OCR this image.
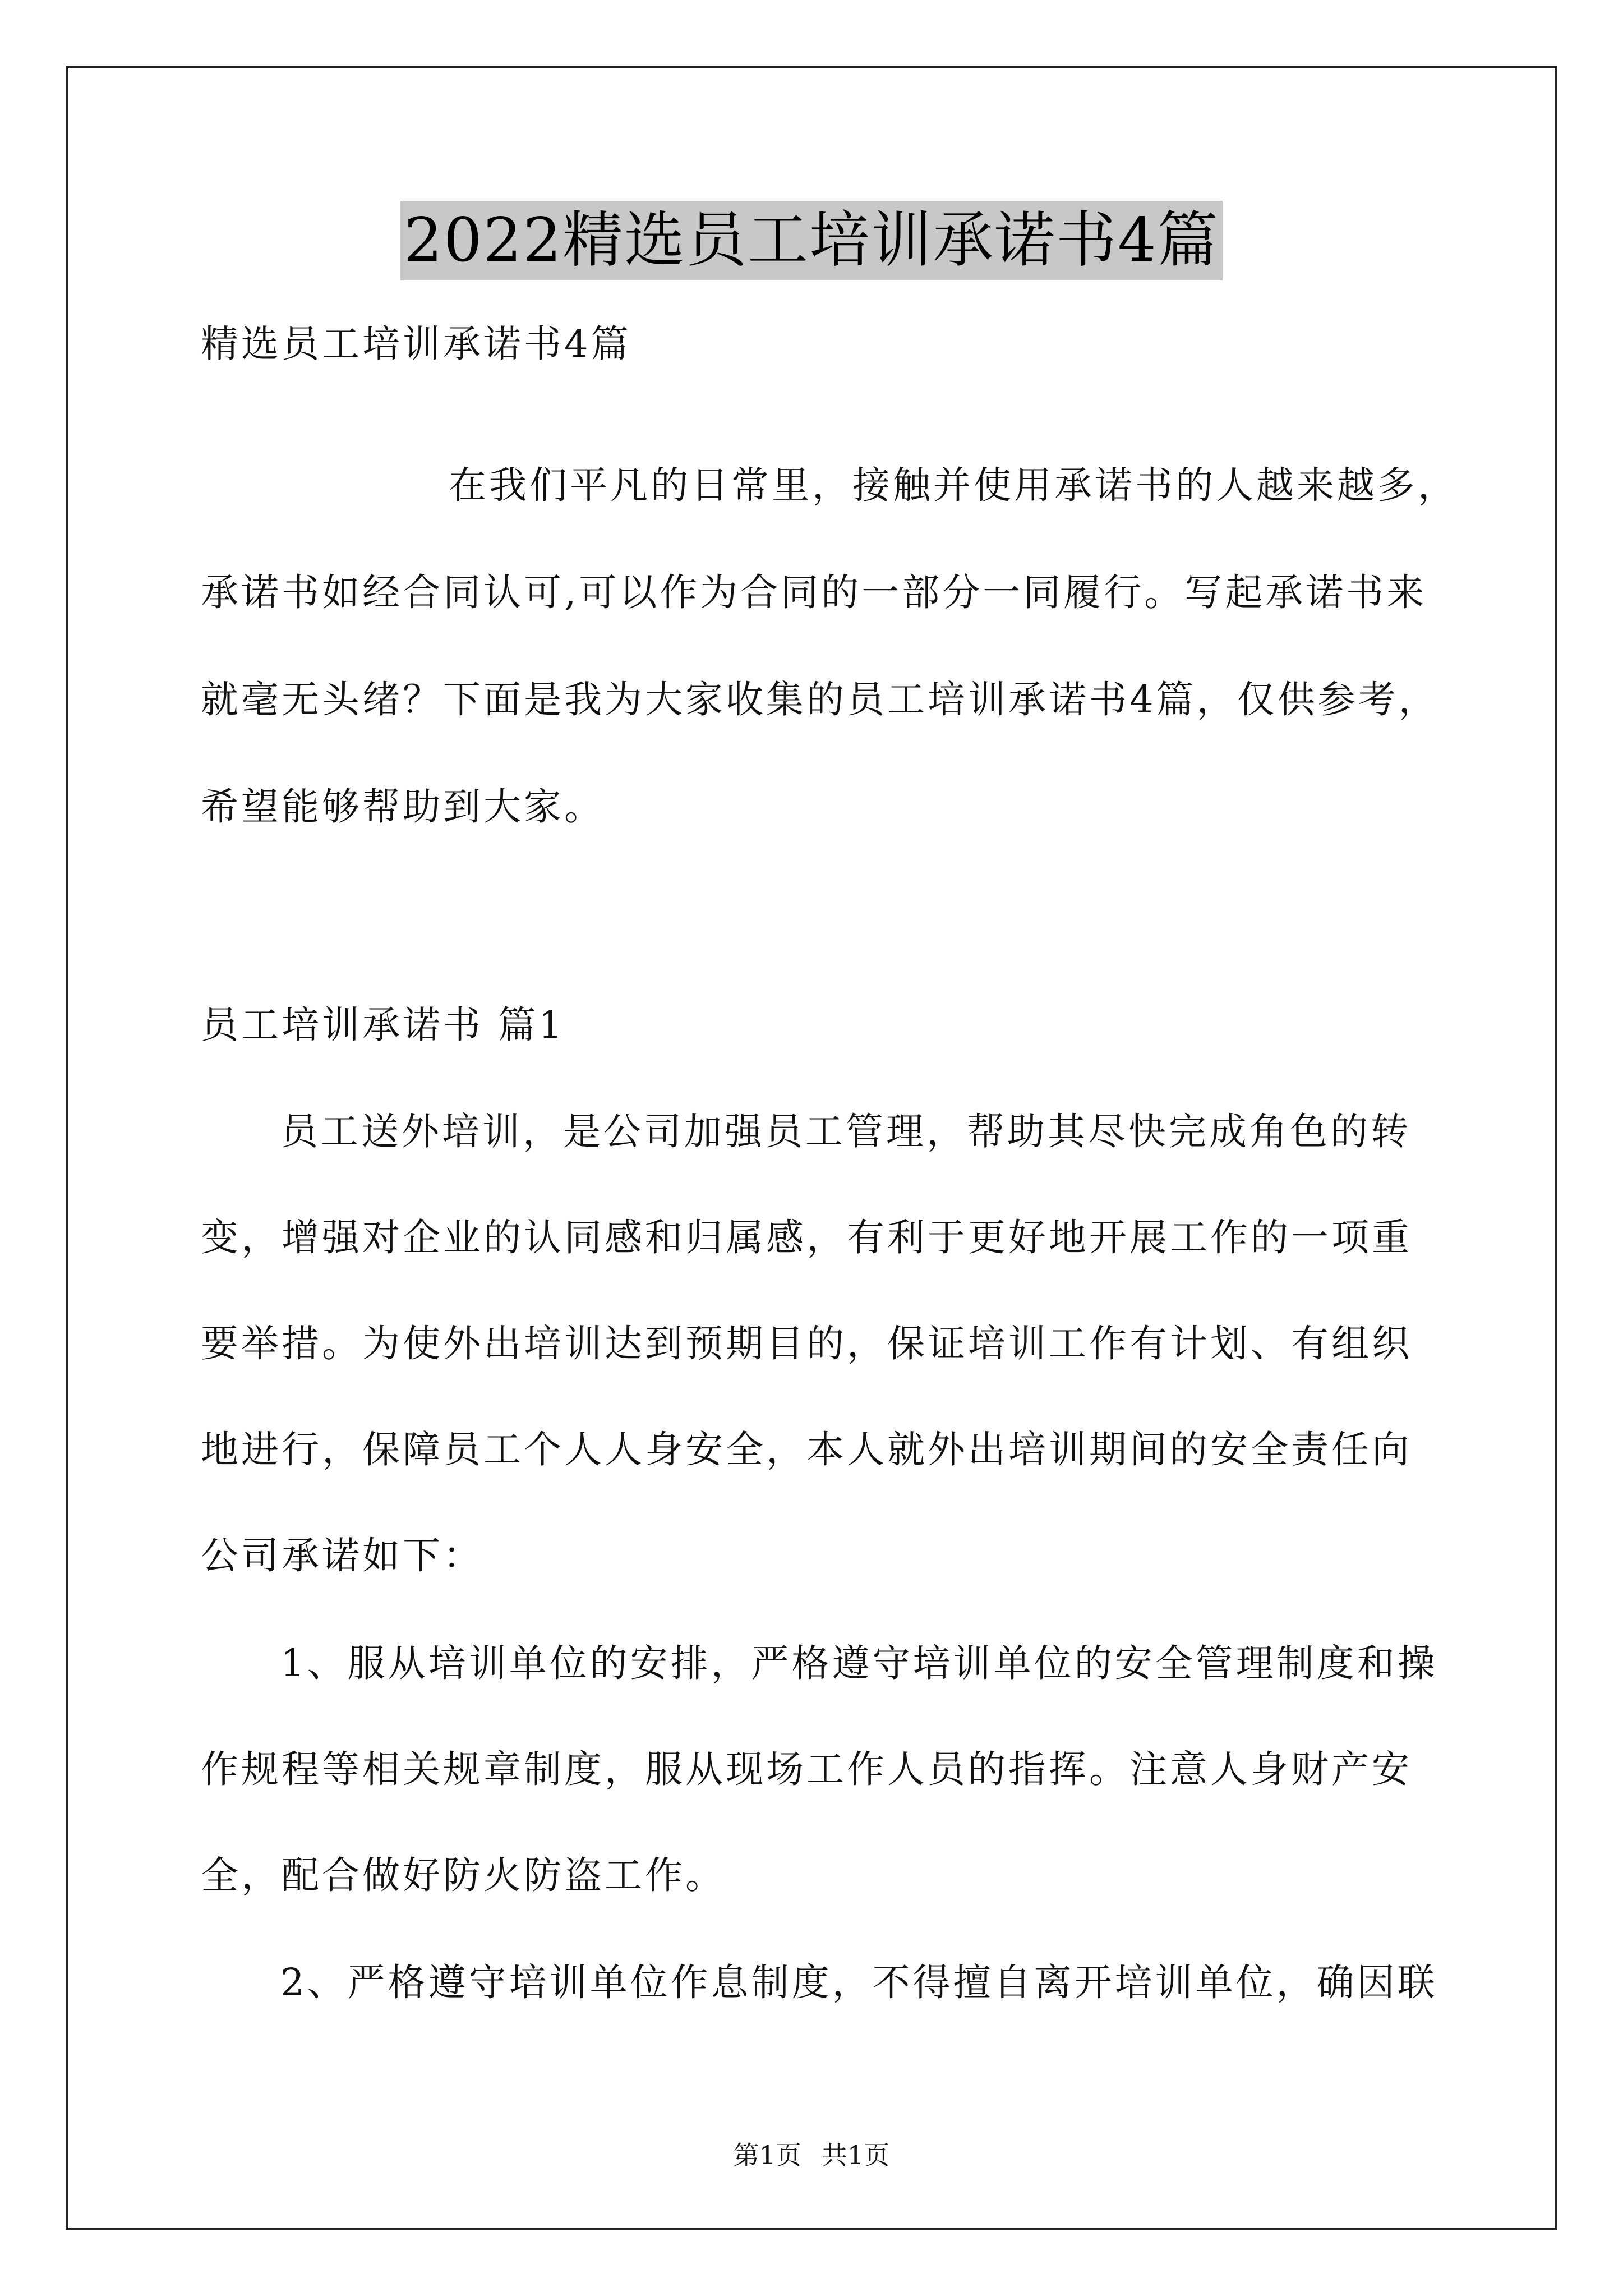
2022精选员工培训承诺书4篇
精选员工培训承诺书4篇
在我们平凡的日常里，接触并使用承诺书的人越来越多，
承诺书如经合同认可,可以作为合同的一部分一同履行。写起承诺书来
就毫无头绪？下面是我为大家收集的员工培训承诺书4篇，仅供参考，
希望能够帮助到大家。
员工培训承诺书 篇1
员工送外培训，是公司加强员工管理，帮助其尽快完成角色的转
变，增强对企业的认同感和归属感，有利于更好地开展工作的一项重
要举措。为使外出培训达到预期目的，保证培训工作有计划、有组织
地进行，保障员工个人人身安全，本人就外出培训期间的安全责任向
公司承诺如下：
1、服从培训单位的安排，严格遵守培训单位的安全管理制度和操
作规程等相关规章制度，服从现场工作人员的指挥。注意人身财产安
全，配合做好防火防盗工作。
2、严格遵守培训单位作息制度，不得擅自离开培训单位，确因联
第1页 共1页
